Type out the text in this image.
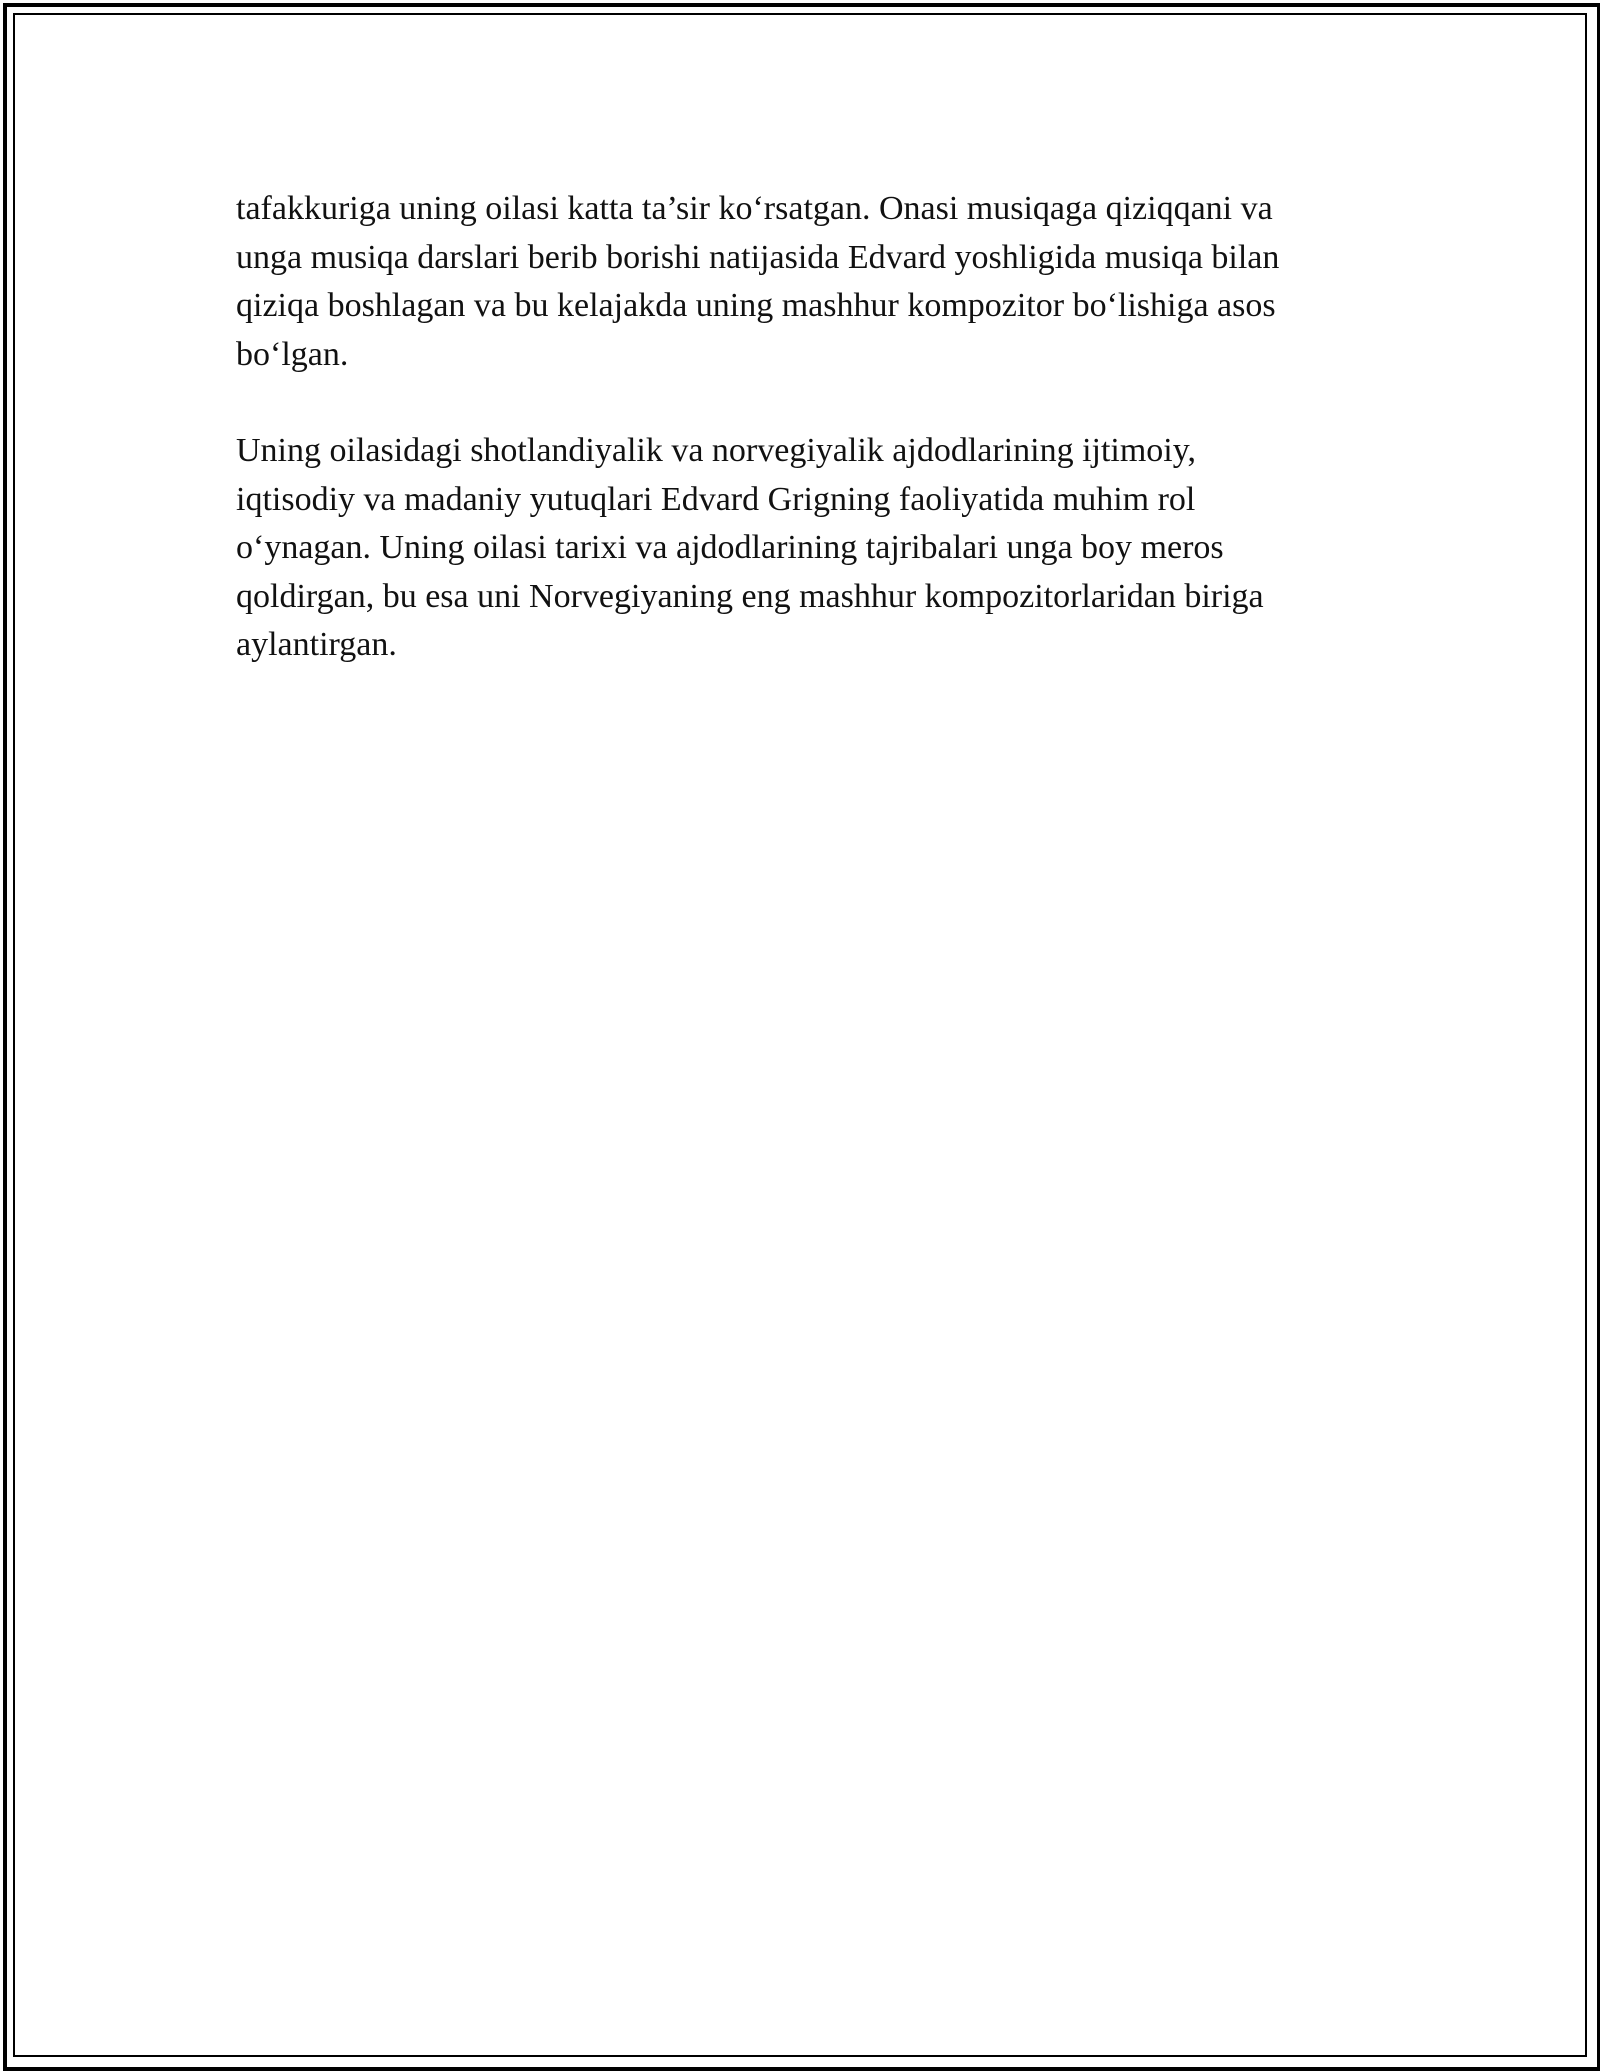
tafakkuriga uning oilasi katta ta’sir koʻrsatgan. Onasi musiqaga qiziqqani va
unga musiqa darslari berib borishi natijasida Edvard yoshligida musiqa bilan
qiziqa boshlagan va bu kelajakda uning mashhur kompozitor boʻlishiga asos
boʻlgan.

Uning oilasidagi shotlandiyalik va norvegiyalik ajdodlarining ijtimoiy,
iqtisodiy va madaniy yutuqlari Edvard Grigning faoliyatida muhim rol
oʻynagan. Uning oilasi tarixi va ajdodlarining tajribalari unga boy meros
qoldirgan, bu esa uni Norvegiyaning eng mashhur kompozitorlaridan biriga
aylantirgan.
